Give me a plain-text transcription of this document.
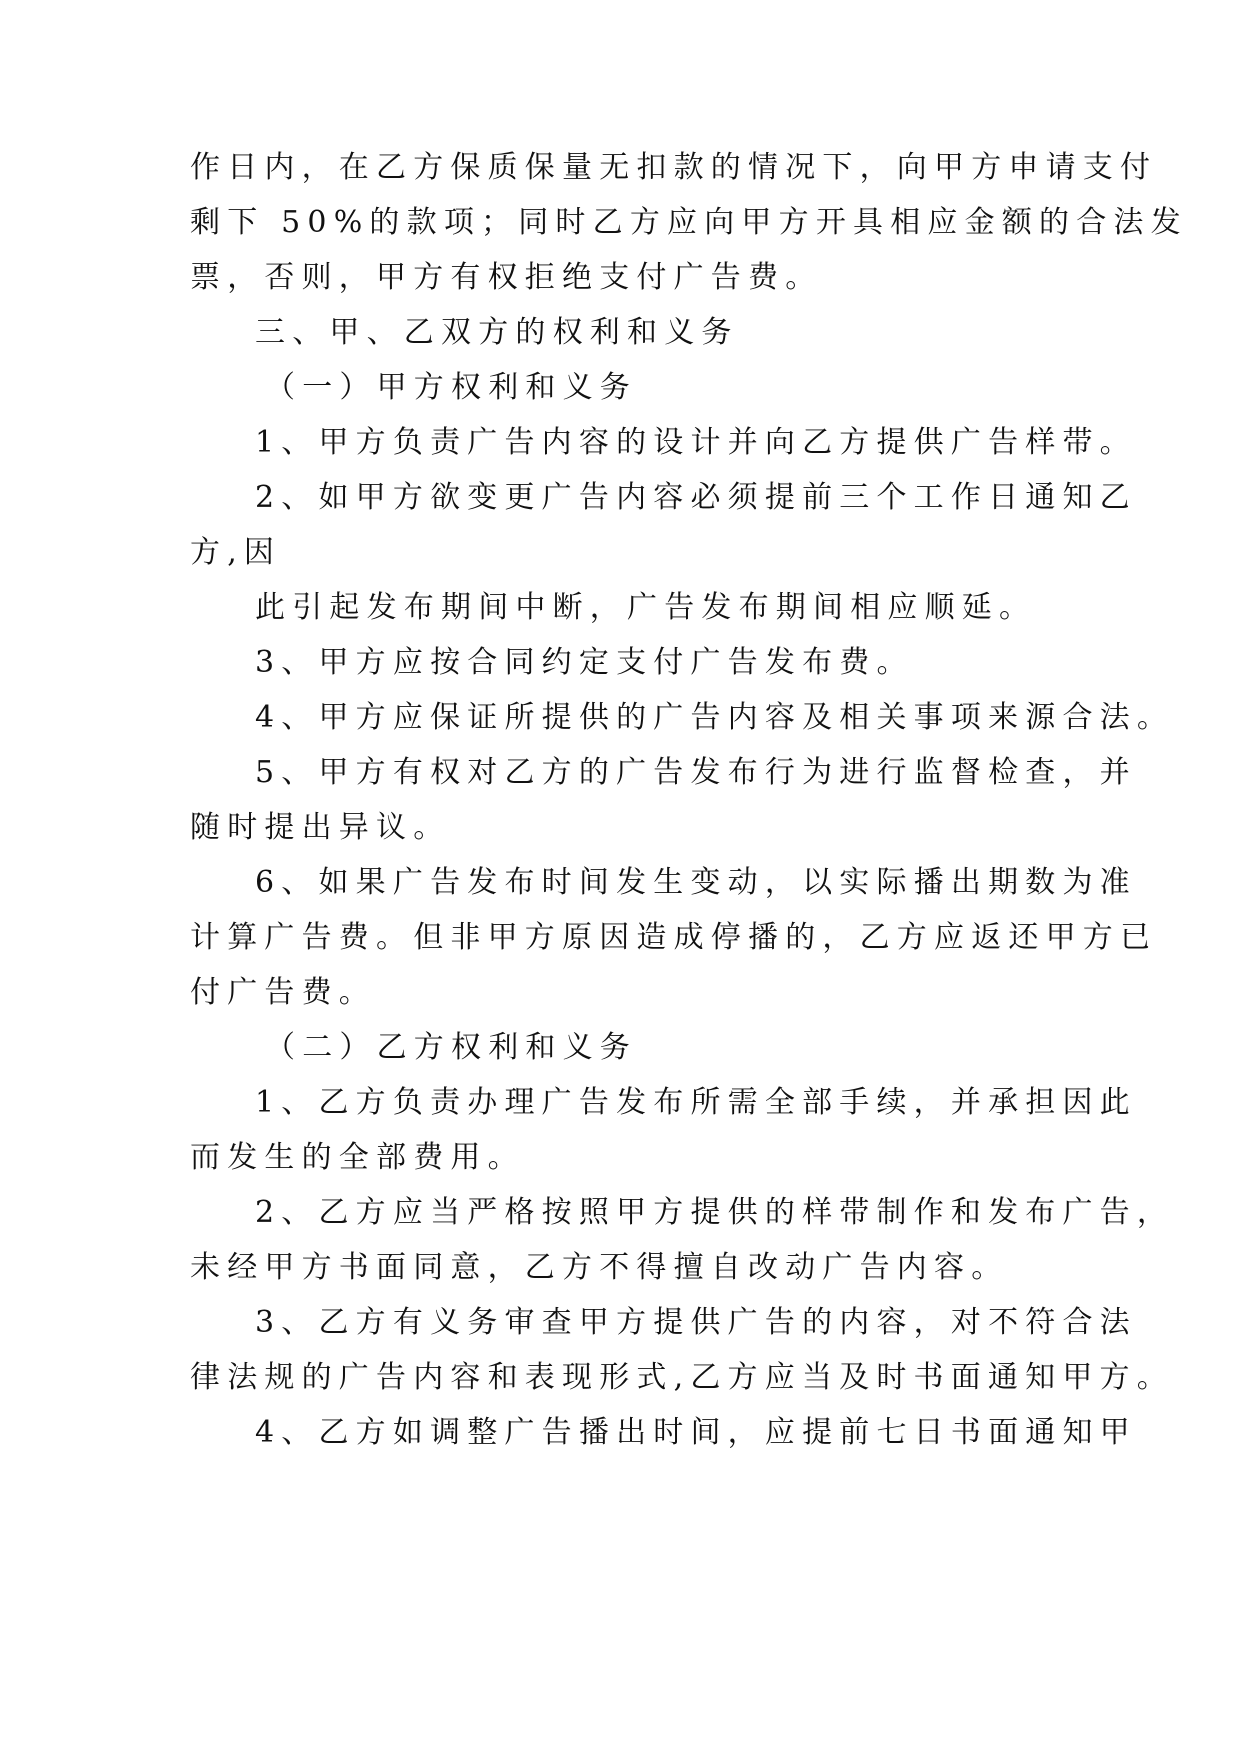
作日内，在乙方保质保量无扣款的情况下，向甲方申请支付
剩下 50%的款项；同时乙方应向甲方开具相应金额的合法发
票，否则，甲方有权拒绝支付广告费。
三、甲、乙双方的权利和义务
（一）甲方权利和义务
1、甲方负责广告内容的设计并向乙方提供广告样带。
2、如甲方欲变更广告内容必须提前三个工作日通知乙
方,因
此引起发布期间中断，广告发布期间相应顺延。
3、甲方应按合同约定支付广告发布费。
4、甲方应保证所提供的广告内容及相关事项来源合法。
5、甲方有权对乙方的广告发布行为进行监督检查，并
随时提出异议。
6、如果广告发布时间发生变动，以实际播出期数为准
计算广告费。但非甲方原因造成停播的，乙方应返还甲方已
付广告费。
（二）乙方权利和义务
1、乙方负责办理广告发布所需全部手续，并承担因此
而发生的全部费用。
2、乙方应当严格按照甲方提供的样带制作和发布广告，
未经甲方书面同意，乙方不得擅自改动广告内容。
3、乙方有义务审查甲方提供广告的内容，对不符合法
律法规的广告内容和表现形式,乙方应当及时书面通知甲方。
4、乙方如调整广告播出时间，应提前七日书面通知甲
